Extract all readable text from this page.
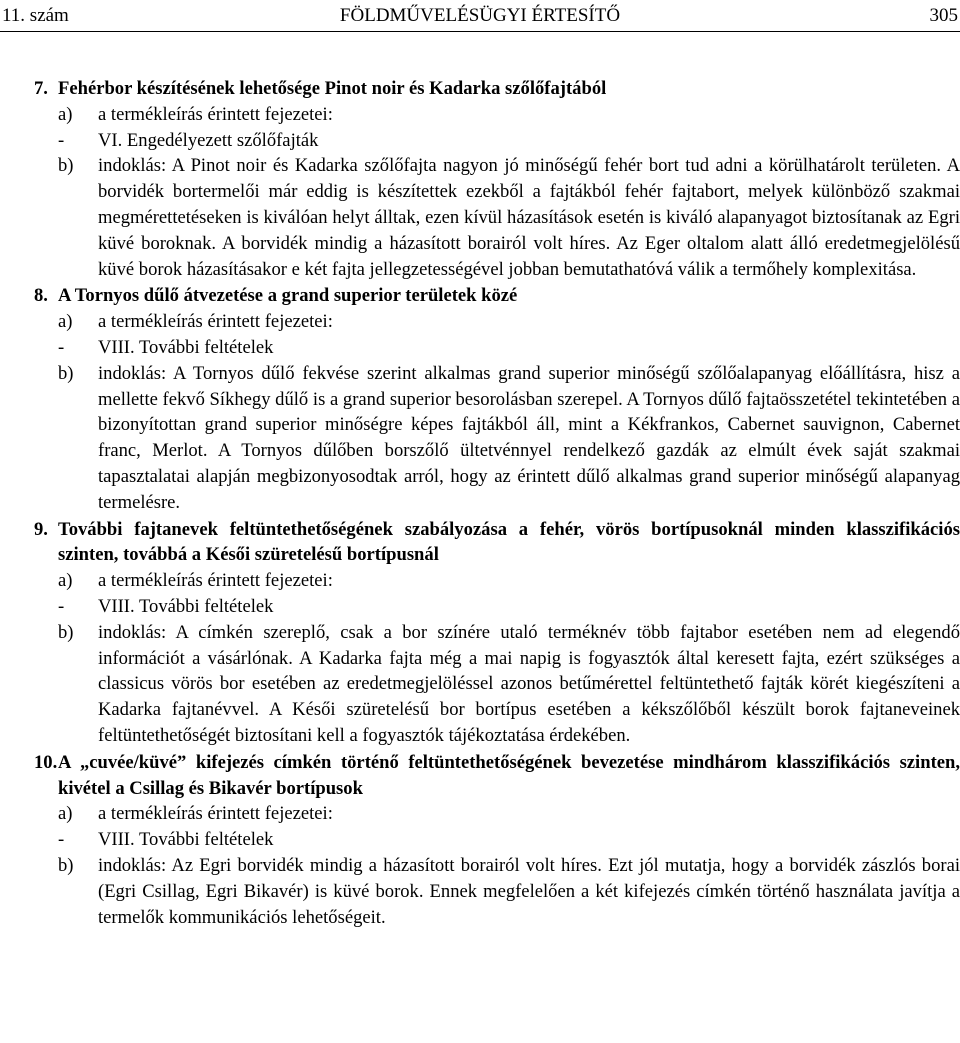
11. szám	FÖLDMŰVELÉSÜGYI ÉRTESÍTŐ	305

7. Fehérbor készítésének lehetősége Pinot noir és Kadarka szőlőfajtából

a) a termékleírás érintett fejezetei:

- VI. Engedélyezett szőlőfajták

b) indoklás: A Pinot noir és Kadarka szőlőfajta nagyon jó minőségű fehér bort tud adni a körülhatárolt területen. A borvidék bortermelői már eddig is készítettek ezekből a fajtákból fehér fajtabort, melyek különböző szakmai megmérettetéseken is kiválóan helyt álltak, ezen kívül házasítások esetén is kiváló alapanyagot biztosítanak az Egri küvé boroknak. A borvidék mindig a házasított borairól volt híres. Az Eger oltalom alatt álló eredetmegjelölésű küvé borok házasításakor e két fajta jellegzetességével jobban bemutathatóvá válik a termőhely komplexitása.

8. A Tornyos dűlő átvezetése a grand superior területek közé

a) a termékleírás érintett fejezetei:

- VIII. További feltételek

b) indoklás: A Tornyos dűlő fekvése szerint alkalmas grand superior minőségű szőlőalapanyag előállításra, hisz a mellette fekvő Síkhegy dűlő is a grand superior besorolásban szerepel. A Tornyos dűlő fajtaösszetétel tekintetében a bizonyítottan grand superior minőségre képes fajtákból áll, mint a Kékfrankos, Cabernet sauvignon, Cabernet franc, Merlot. A Tornyos dűlőben borszőlő ültetvénnyel rendelkező gazdák az elmúlt évek saját szakmai tapasztalatai alapján megbizonyosodtak arról, hogy az érintett dűlő alkalmas grand superior minőségű alapanyag termelésre.

9. További fajtanevek feltüntethetőségének szabályozása a fehér, vörös bortípusoknál minden klasszifikációs szinten, továbbá a Késői szüretelésű bortípusnál

a) a termékleírás érintett fejezetei:

- VIII. További feltételek

b) indoklás: A címkén szereplő, csak a bor színére utaló terméknév több fajtabor esetében nem ad elegendő információt a vásárlónak. A Kadarka fajta még a mai napig is fogyasztók által keresett fajta, ezért szükséges a classicus vörös bor esetében az eredetmegjelöléssel azonos betűmérettel feltüntethető fajták körét kiegészíteni a Kadarka fajtanévvel. A Késői szüretelésű bor bortípus esetében a kékszőlőből készült borok fajtaneveinek feltüntethetőségét biztosítani kell a fogyasztók tájékoztatása érdekében.

10.A „cuvée/küvé” kifejezés címkén történő feltüntethetőségének bevezetése mindhárom klasszifikációs szinten, kivétel a Csillag és Bikavér bortípusok

a) a termékleírás érintett fejezetei:

- VIII. További feltételek

b) indoklás: Az Egri borvidék mindig a házasított borairól volt híres. Ezt jól mutatja, hogy a borvidék zászlós borai (Egri Csillag, Egri Bikavér) is küvé borok. Ennek megfelelően a két kifejezés címkén történő használata javítja a termelők kommunikációs lehetőségeit.
